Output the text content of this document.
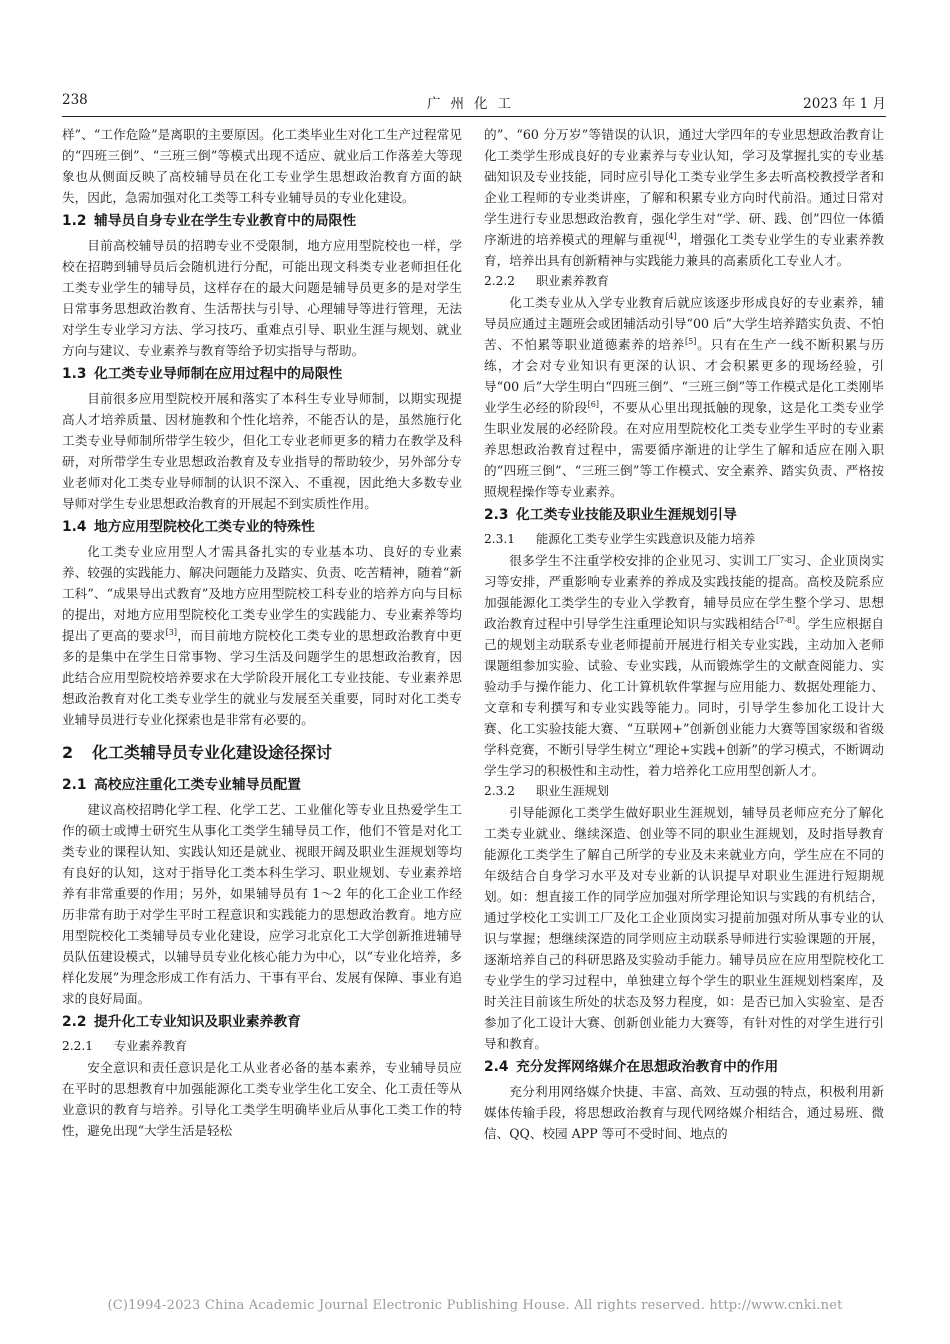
238	广州化工	2023 年 1 月

样”、“工作危险”是离职的主要原因。化工类毕业生对化工生产过程常见的“四班三倒”、“三班三倒”等模式出现不适应、就业后工作落差大等现象也从侧面反映了高校辅导员在化工专业学生思想政治教育方面的缺失，因此，急需加强对化工类等工科专业辅导员的专业化建设。

1.2 辅导员自身专业在学生专业教育中的局限性

目前高校辅导员的招聘专业不受限制，地方应用型院校也一样，学校在招聘到辅导员后会随机进行分配，可能出现文科类专业老师担任化工类专业学生的辅导员，这样存在的最大问题是辅导员更多的是对学生日常事务思想政治教育、生活帮扶与引导、心理辅导等进行管理，无法对学生专业学习方法、学习技巧、重难点引导、职业生涯与规划、就业方向与建议、专业素养与教育等给予切实指导与帮助。

1.3 化工类专业导师制在应用过程中的局限性

目前很多应用型院校开展和落实了本科生专业导师制，以期实现提高人才培养质量、因材施教和个性化培养，不能否认的是，虽然施行化工类专业导师制所带学生较少，但化工专业老师更多的精力在教学及科研，对所带学生专业思想政治教育及专业指导的帮助较少，另外部分专业老师对化工类专业导师制的认识不深入、不重视，因此绝大多数专业导师对学生专业思想政治教育的开展起不到实质性作用。

1.4 地方应用型院校化工类专业的特殊性

化工类专业应用型人才需具备扎实的专业基本功、良好的专业素养、较强的实践能力、解决问题能力及踏实、负责、吃苦精神，随着“新工科”、“成果导出式教育”及地方应用型院校工科专业的培养方向与目标的提出，对地方应用型院校化工类专业学生的实践能力、专业素养等均提出了更高的要求[3]，而目前地方院校化工类专业的思想政治教育中更多的是集中在学生日常事物、学习生活及问题学生的思想政治教育，因此结合应用型院校培养要求在大学阶段开展化工专业技能、专业素养思想政治教育对化工类专业学生的就业与发展至关重要，同时对化工类专业辅导员进行专业化探索也是非常有必要的。

2 化工类辅导员专业化建设途径探讨
2.1 高校应注重化工类专业辅导员配置

建议高校招聘化学工程、化学工艺、工业催化等专业且热爱学生工作的硕士或博士研究生从事化工类学生辅导员工作，他们不管是对化工类专业的课程认知、实践认知还是就业、视眼开阔及职业生涯规划等均有良好的认知，这对于指导化工类本科生学习、职业规划、专业素养培养有非常重要的作用；另外，如果辅导员有 1～2 年的化工企业工作经历非常有助于对学生平时工程意识和实践能力的思想政治教育。地方应用型院校化工类辅导员专业化建设，应学习北京化工大学创新推进辅导员队伍建设模式，以辅导员专业化核心能力为中心，以“专业化培养，多样化发展”为理念形成工作有活力、干事有平台、发展有保障、事业有追求的良好局面。

2.2 提升化工专业知识及职业素养教育
2.2.1 专业素养教育

安全意识和责任意识是化工从业者必备的基本素养，专业辅导员应在平时的思想教育中加强能源化工类专业学生化工安全、化工责任等从业意识的教育与培养。引导化工类学生明确毕业后从事化工类工作的特性，避免出现“大学生活是轻松

的”、“60 分万岁”等错误的认识，通过大学四年的专业思想政治教育让化工类学生形成良好的专业素养与专业认知，学习及掌握扎实的专业基础知识及专业技能，同时应引导化工类专业学生多去听高校教授学者和企业工程师的专业类讲座，了解和积累专业方向时代前沿。通过日常对学生进行专业思想政治教育，强化学生对“学、研、践、创”四位一体循序渐进的培养模式的理解与重视[4]，增强化工类专业学生的专业素养教育，培养出具有创新精神与实践能力兼具的高素质化工专业人才。

2.2.2 职业素养教育

化工类专业从入学专业教育后就应该逐步形成良好的专业素养，辅导员应通过主题班会或团辅活动引导“00 后”大学生培养踏实负责、不怕苦、不怕累等职业道德素养的培养[5]。只有在生产一线不断积累与历练，才会对专业知识有更深的认识、才会积累更多的现场经验，引导“00 后”大学生明白“四班三倒”、“三班三倒”等工作模式是化工类刚毕业学生必经的阶段[6]，不要从心里出现抵触的现象，这是化工类专业学生职业发展的必经阶段。在对应用型院校化工类专业学生平时的专业素养思想政治教育过程中，需要循序渐进的让学生了解和适应在刚入职的“四班三倒”、“三班三倒”等工作模式、安全素养、踏实负责、严格按照规程操作等专业素养。

2.3 化工类专业技能及职业生涯规划引导
2.3.1 能源化工类专业学生实践意识及能力培养

很多学生不注重学校安排的企业见习、实训工厂实习、企业顶岗实习等安排，严重影响专业素养的养成及实践技能的提高。高校及院系应加强能源化工类学生的专业入学教育，辅导员应在学生整个学习、思想政治教育过程中引导学生注重理论知识与实践相结合[7-8]。学生应根据自己的规划主动联系专业老师提前开展进行相关专业实践，主动加入老师课题组参加实验、试验、专业实践，从而锻炼学生的文献查阅能力、实验动手与操作能力、化工计算机软件掌握与应用能力、数据处理能力、文章和专利撰写和专业实践等能力。同时，引导学生参加化工设计大赛、化工实验技能大赛、“互联网+”创新创业能力大赛等国家级和省级学科竞赛，不断引导学生树立“理论+实践+创新”的学习模式，不断调动学生学习的积极性和主动性，着力培养化工应用型创新人才。

2.3.2 职业生涯规划

引导能源化工类学生做好职业生涯规划，辅导员老师应充分了解化工类专业就业、继续深造、创业等不同的职业生涯规划，及时指导教育能源化工类学生了解自己所学的专业及未来就业方向，学生应在不同的年级结合自身学习水平及对专业新的认识提早对职业生涯进行短期规划。如：想直接工作的同学应加强对所学理论知识与实践的有机结合，通过学校化工实训工厂及化工企业顶岗实习提前加强对所从事专业的认识与掌握；想继续深造的同学则应主动联系导师进行实验课题的开展，逐渐培养自己的科研思路及实验动手能力。辅导员应在应用型院校化工专业学生的学习过程中，单独建立每个学生的职业生涯规划档案库，及时关注目前该生所处的状态及努力程度，如：是否已加入实验室、是否参加了化工设计大赛、创新创业能力大赛等，有针对性的对学生进行引导和教育。

2.4 充分发挥网络媒介在思想政治教育中的作用

充分利用网络媒介快捷、丰富、高效、互动强的特点，积极利用新媒体传输手段，将思想政治教育与现代网络媒介相结合，通过易班、微信、QQ、校园 APP 等可不受时间、地点的

(C)1994-2023 China Academic Journal Electronic Publishing House. All rights reserved. http://www.cnki.net
